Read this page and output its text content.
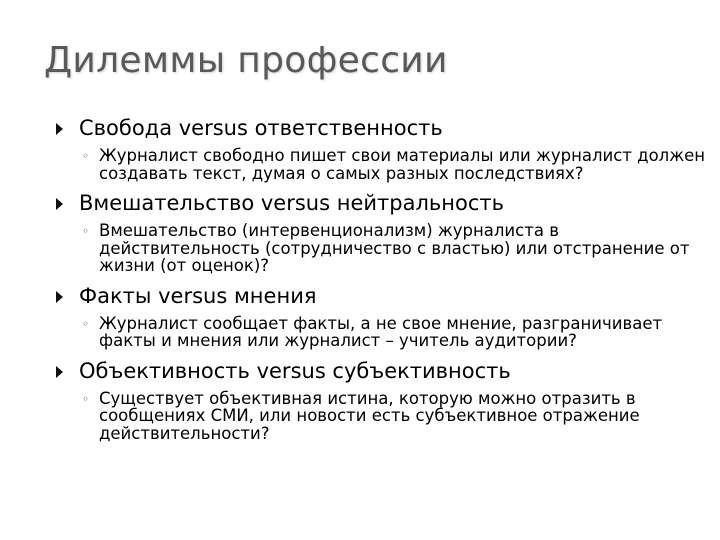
Дилеммы профессии
Свобода versus ответственность
◦ Журналист свободно пишет свои материалы или журналист должен создавать текст, думая о самых разных последствиях?
Вмешательство versus нейтральность
◦ Вмешательство (интервенционализм) журналиста в действительность (сотрудничество с властью) или отстранение от жизни (от оценок)?
Факты versus мнения
◦ Журналист сообщает факты, а не свое мнение, разграничивает факты и мнения или журналист – учитель аудитории?
Объективность versus субъективность
◦ Существует объективная истина, которую можно отразить в сообщениях СМИ, или новости есть субъективное отражение действительности?
